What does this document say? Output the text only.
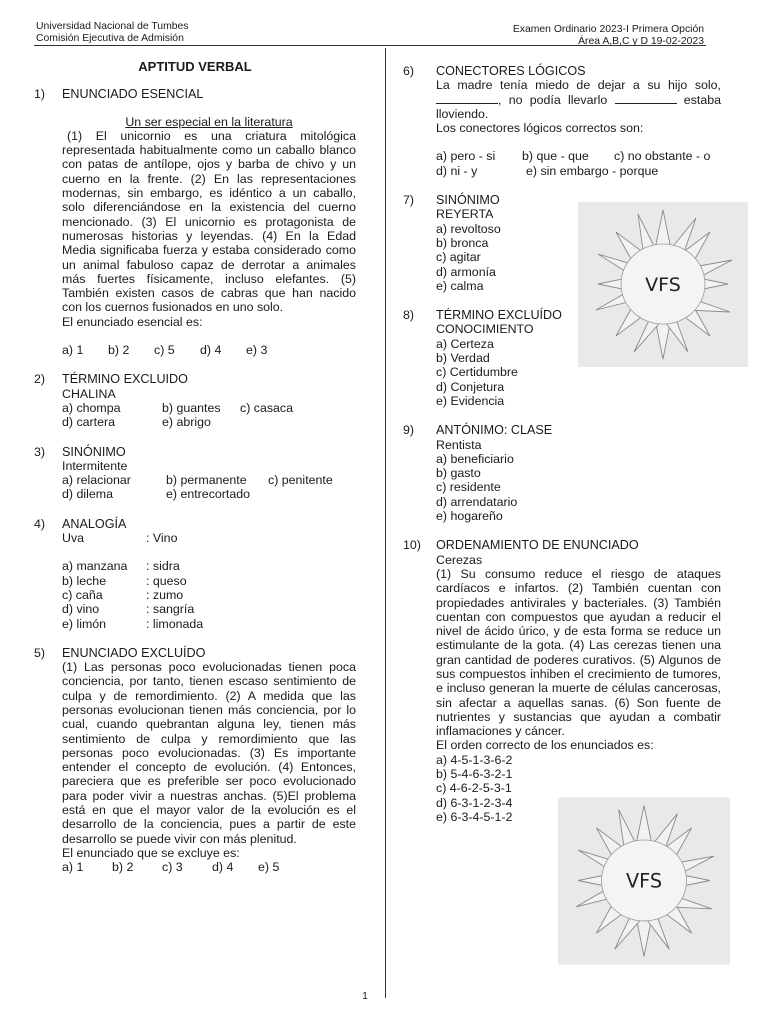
Universidad Nacional de Tumbes
Comisión Ejecutiva de Admisión
Examen Ordinario 2023-I Primera Opción
Área A,B,C y D 19-02-2023
APTITUD VERBAL
1) ENUNCIADO ESENCIAL
Un ser especial en la literatura
(1) El unicornio es una criatura mitológica representada habitualmente como un caballo blanco con patas de antílope, ojos y barba de chivo y un cuerno en la frente. (2) En las representaciones modernas, sin embargo, es idéntico a un caballo, solo diferenciándose en la existencia del cuerno mencionado. (3) El unicornio es protagonista de numerosas historias y leyendas. (4) En la Edad Media significaba fuerza y estaba considerado como un animal fabuloso capaz de derrotar a animales más fuertes físicamente, incluso elefantes. (5) También existen casos de cabras que han nacido con los cuernos fusionados en uno solo.
El enunciado esencial es:
a) 1	b) 2	c) 5	d) 4	e) 3
2) TÉRMINO EXCLUIDO
CHALINA
a) chompa	b) guantes	c) casaca
d) cartera	e) abrigo
3) SINÓNIMO
Intermitente
a) relacionar	b) permanente	c) penitente
d) dilema	e) entrecortado
4) ANALOGÍA
Uva	: Vino
a) manzana	: sidra
b) leche	: queso
c) caña	: zumo
d) vino	: sangría
e) limón	: limonada
5) ENUNCIADO EXCLUÍDO
(1) Las personas poco evolucionadas tienen poca conciencia, por tanto, tienen escaso sentimiento de culpa y de remordimiento. (2) A medida que las personas evolucionan tienen más conciencia, por lo cual, cuando quebrantan alguna ley, tienen más sentimiento de culpa y remordimiento que las personas poco evolucionadas. (3) Es importante entender el concepto de evolución. (4) Entonces, pareciera que es preferible ser poco evolucionado para poder vivir a nuestras anchas. (5)El problema está en que el mayor valor de la evolución es el desarrollo de la conciencia, pues a partir de este desarrollo se puede vivir con más plenitud.
El enunciado que se excluye es:
a) 1	b) 2	c) 3	d) 4	e) 5
6) CONECTORES LÓGICOS
La madre tenía miedo de dejar a su hijo solo, , no podía llevarlo	estaba lloviendo.
Los conectores lógicos correctos son:
a) pero - si	b) que - que	c) no obstante - o
d) ni - y	e) sin embargo - porque
7) SINÓNIMO
REYERTA
a) revoltoso
b) bronca
c) agitar
d) armonía
e) calma
8) TÉRMINO EXCLUÍDO
CONOCIMIENTO
a) Certeza
b) Verdad
c) Certidumbre
d) Conjetura
e) Evidencia
9) ANTÓNIMO: CLASE
Rentista
a) beneficiario
b) gasto
c) residente
d) arrendatario
e) hogareño
10) ORDENAMIENTO DE ENUNCIADO
Cerezas
(1) Su consumo reduce el riesgo de ataques cardíacos e infartos. (2) También cuentan con propiedades antivirales y bacteriales. (3) También cuentan con compuestos que ayudan a reducir el nivel de ácido úrico, y de esta forma se reduce un estimulante de la gota. (4) Las cerezas tienen una gran cantidad de poderes curativos. (5) Algunos de sus compuestos inhiben el crecimiento de tumores, e incluso generan la muerte de células cancerosas, sin afectar a aquellas sanas. (6) Son fuente de nutrientes y sustancias que ayudan a combatir inflamaciones y cáncer.
El orden correcto de los enunciados es:
a) 4-5-1-3-6-2
b) 5-4-6-3-2-1
c) 4-6-2-5-3-1
d) 6-3-1-2-3-4
e) 6-3-4-5-1-2
VFS
VFS
1
